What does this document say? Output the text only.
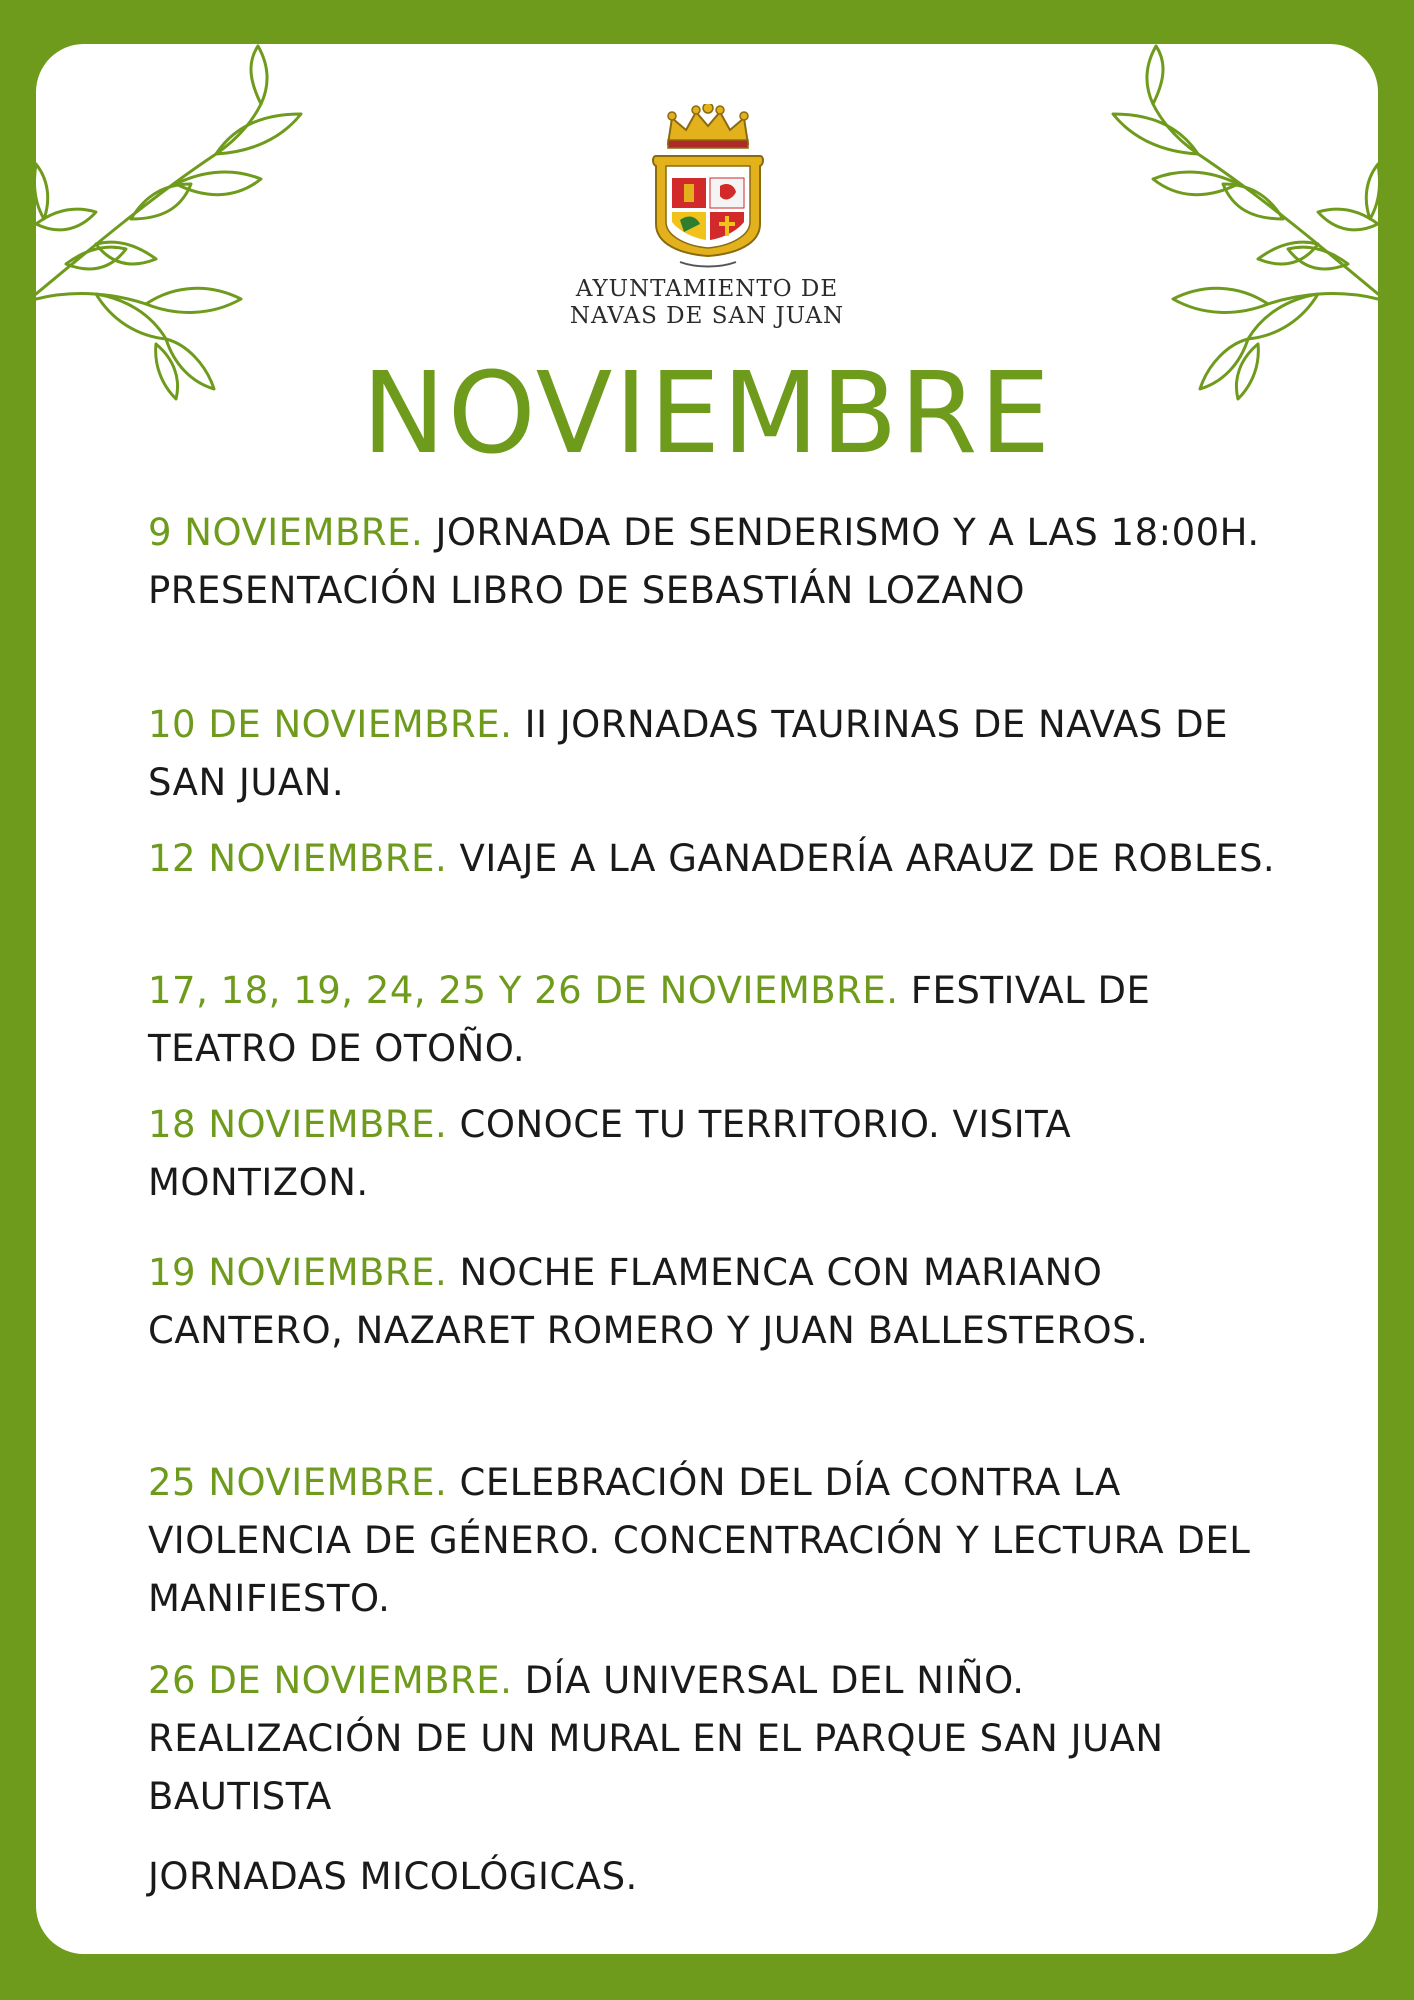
AYUNTAMIENTO DE
NAVAS DE SAN JUAN
NOVIEMBRE
9 NOVIEMBRE. JORNADA DE SENDERISMO Y A LAS 18:00H. PRESENTACIÓN LIBRO DE SEBASTIÁN LOZANO
10 DE NOVIEMBRE. II JORNADAS TAURINAS DE NAVAS DE SAN JUAN.
12 NOVIEMBRE. VIAJE A LA GANADERÍA ARAUZ DE ROBLES.
17, 18, 19, 24, 25 Y 26 DE NOVIEMBRE. FESTIVAL DE TEATRO DE OTOÑO.
18 NOVIEMBRE. CONOCE TU TERRITORIO. VISITA MONTIZON.
19 NOVIEMBRE. NOCHE FLAMENCA CON MARIANO CANTERO, NAZARET ROMERO Y JUAN BALLESTEROS.
25 NOVIEMBRE. CELEBRACIÓN DEL DÍA CONTRA LA VIOLENCIA DE GÉNERO. CONCENTRACIÓN Y LECTURA DEL MANIFIESTO.
26 DE NOVIEMBRE. DÍA UNIVERSAL DEL NIÑO. REALIZACIÓN DE UN MURAL EN EL PARQUE SAN JUAN BAUTISTA
JORNADAS MICOLÓGICAS.
